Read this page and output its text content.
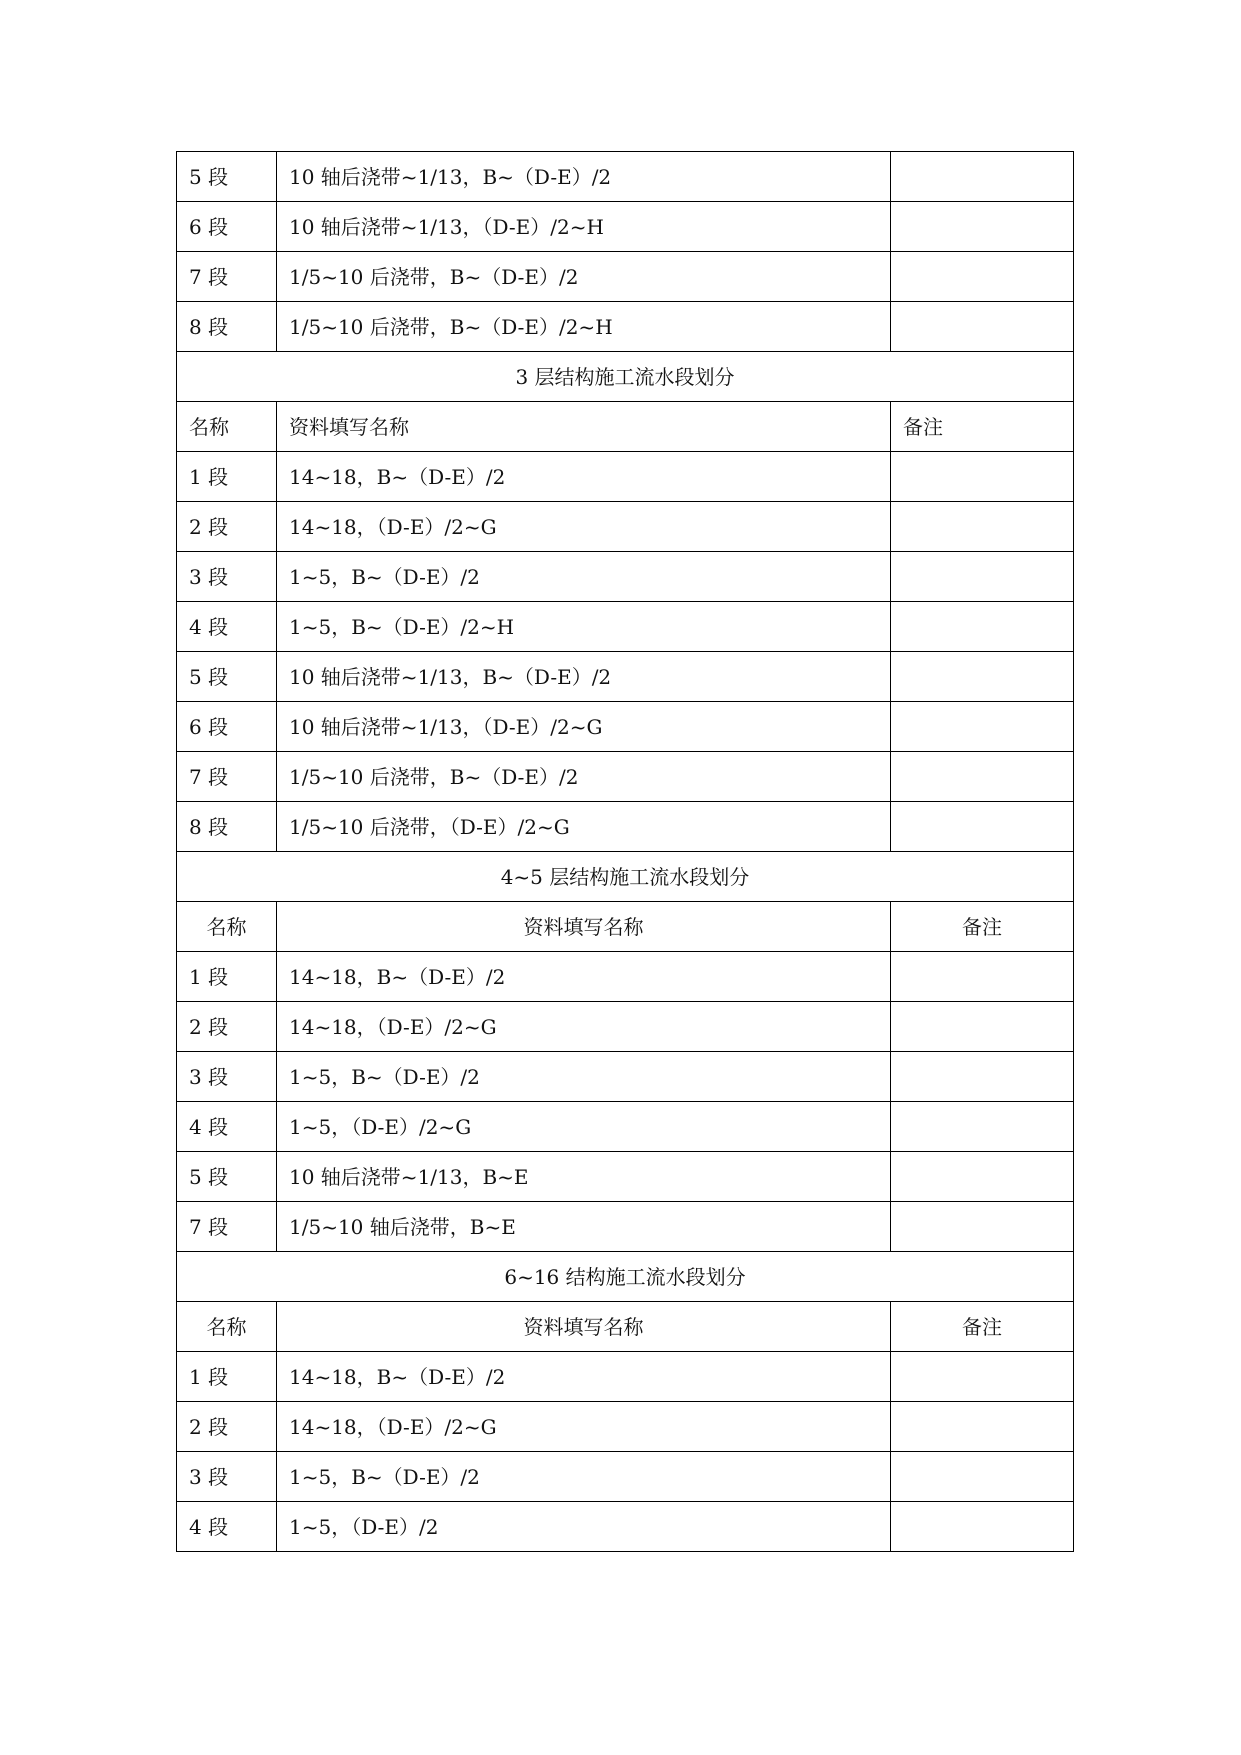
5 段	10 轴后浇带~1/13，B~（D-E）/2	
6 段	10 轴后浇带~1/13，（D-E）/2~H	
7 段	1/5~10 后浇带，B~（D-E）/2	
8 段	1/5~10 后浇带，B~（D-E）/2~H	
3 层结构施工流水段划分		
名称	资料填写名称	备注
1 段	14~18，B~（D-E）/2	
2 段	14~18，（D-E）/2~G	
3 段	1~5，B~（D-E）/2	
4 段	1~5，B~（D-E）/2~H	
5 段	10 轴后浇带~1/13，B~（D-E）/2	
6 段	10 轴后浇带~1/13，（D-E）/2~G	
7 段	1/5~10 后浇带，B~（D-E）/2	
8 段	1/5~10 后浇带，（D-E）/2~G	
4~5 层结构施工流水段划分		
名称	资料填写名称	备注
1 段	14~18，B~（D-E）/2	
2 段	14~18，（D-E）/2~G	
3 段	1~5，B~（D-E）/2	
4 段	1~5，（D-E）/2~G	
5 段	10 轴后浇带~1/13，B~E	
7 段	1/5~10 轴后浇带，B~E	
6~16 结构施工流水段划分		
名称	资料填写名称	备注
1 段	14~18，B~（D-E）/2	
2 段	14~18，（D-E）/2~G	
3 段	1~5，B~（D-E）/2	
4 段	1~5，（D-E）/2	
